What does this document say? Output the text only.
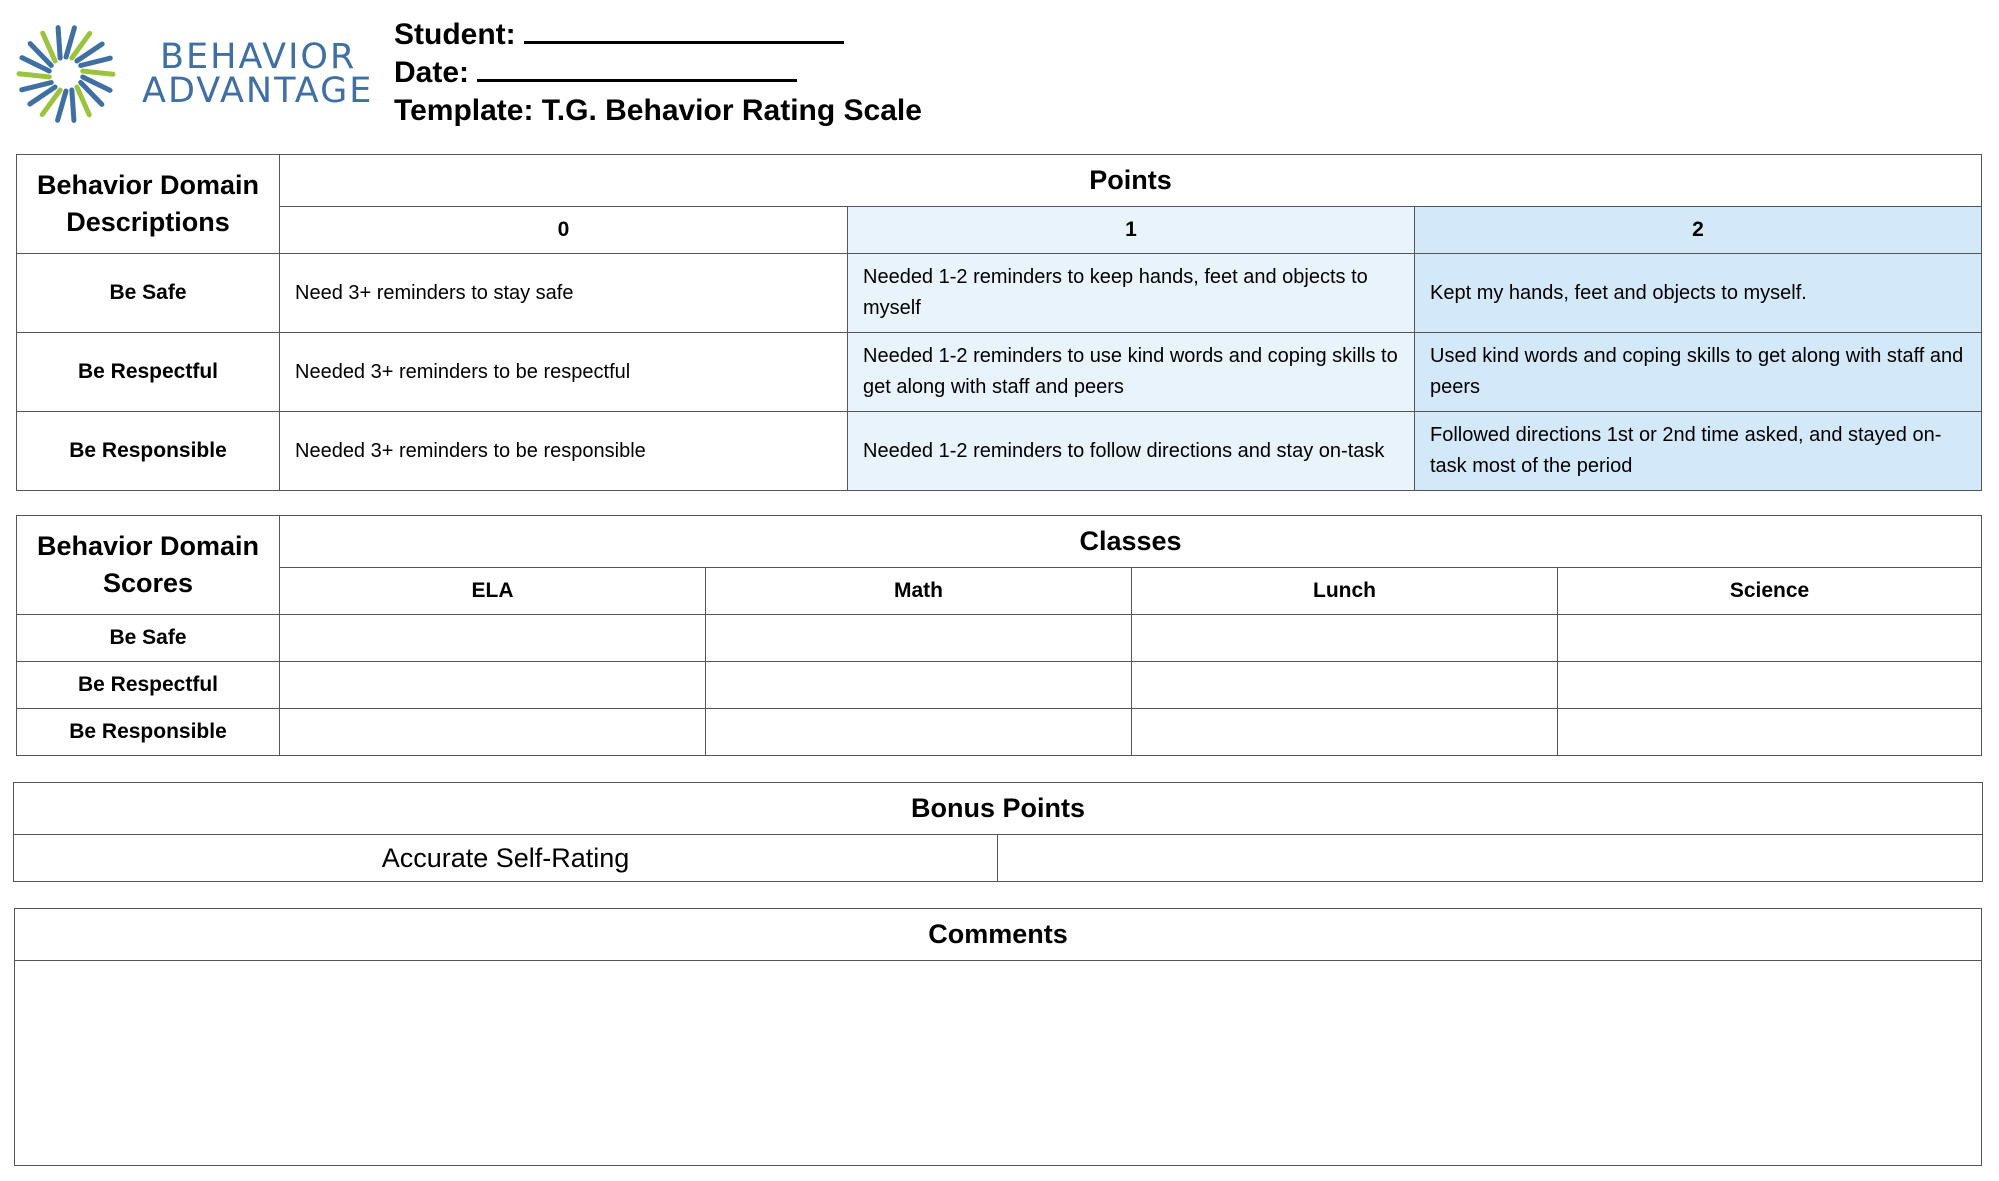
BEHAVIOR
ADVANTAGE
Student:
Date:
Template: T.G. Behavior Rating Scale
Behavior Domain Descriptions	Points		
	0	1	2
Be Safe	Need 3+ reminders to stay safe	Needed 1-2 reminders to keep hands, feet and objects to myself	Kept my hands, feet and objects to myself.
Be Respectful	Needed 3+ reminders to be respectful	Needed 1-2 reminders to use kind words and coping skills to get along with staff and peers	Used kind words and coping skills to get along with staff and peers
Be Responsible	Needed 3+ reminders to be responsible	Needed 1-2 reminders to follow directions and stay on-task	Followed directions 1st or 2nd time asked, and stayed on-task most of the period
Behavior Domain Scores	Classes			
	ELA	Math	Lunch	Science
Be Safe				
Be Respectful				
Be Responsible				
Bonus Points
Accurate Self-Rating	
Comments
